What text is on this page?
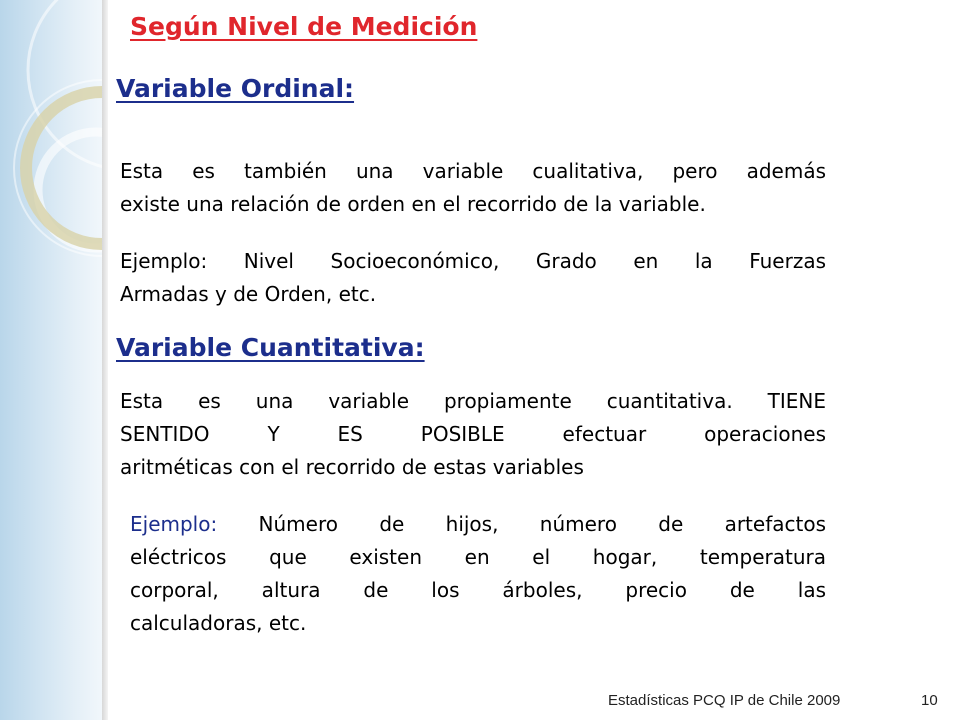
Según Nivel de Medición
Variable Ordinal:
Esta es también una variable cualitativa, pero además
existe una relación de orden en el recorrido de la variable.
Ejemplo: Nivel Socioeconómico, Grado en la Fuerzas
Armadas y de Orden, etc.
Variable Cuantitativa:
Esta es una variable propiamente cuantitativa. TIENE
SENTIDO Y ES POSIBLE efectuar operaciones
aritméticas con el recorrido de estas variables
Ejemplo: Número de hijos, número de artefactos
eléctricos que existen en el hogar, temperatura
corporal, altura de los árboles, precio de las
calculadoras, etc.
Estadísticas PCQ IP de Chile 2009	10
